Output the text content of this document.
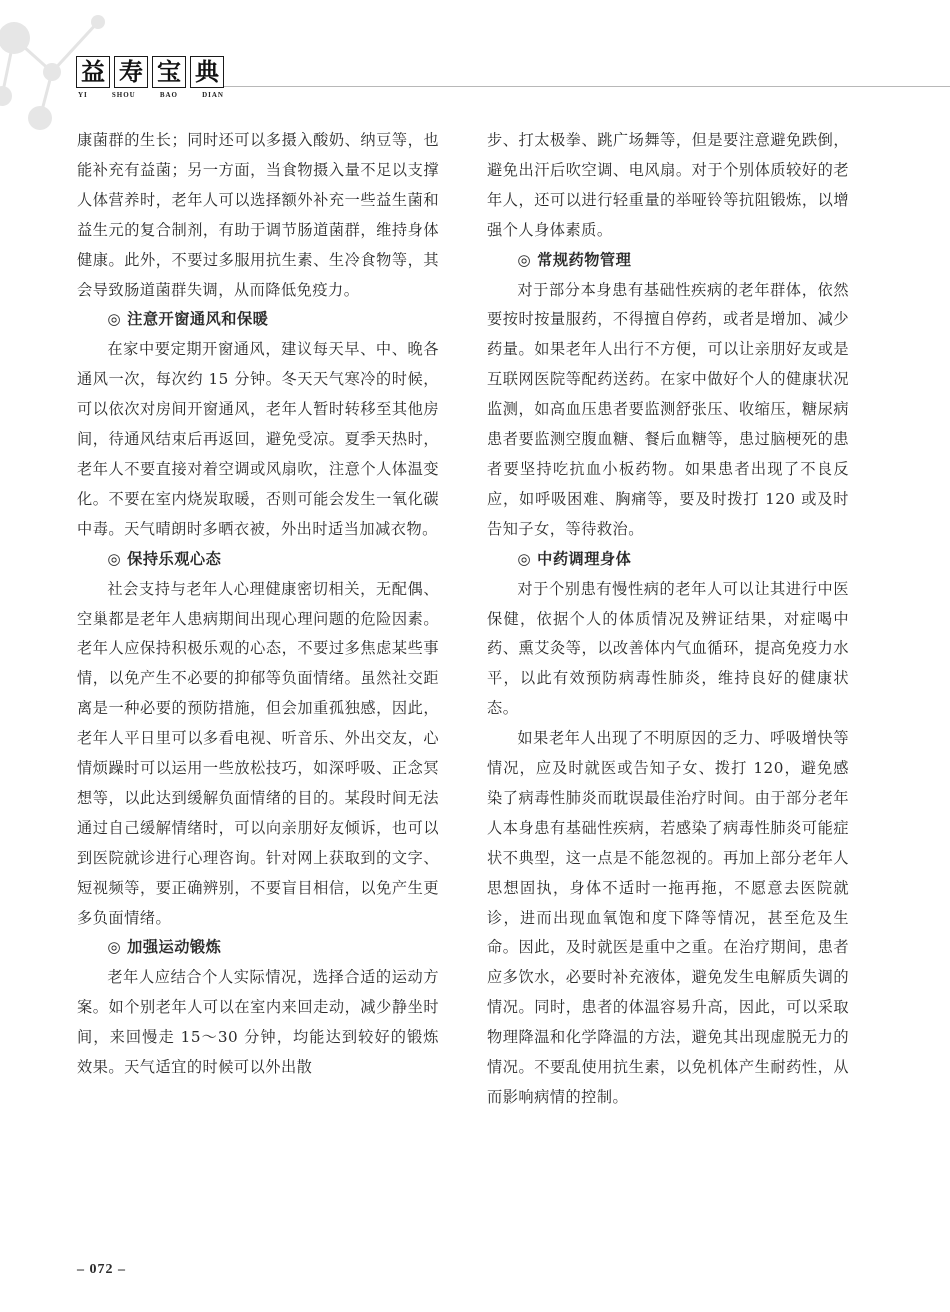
益 寿 宝 典
YI	SHOU	BAO	DIAN

康菌群的生长；同时还可以多摄入酸奶、纳豆等，也能补充有益菌；另一方面，当食物摄入量不足以支撑人体营养时，老年人可以选择额外补充一些益生菌和益生元的复合制剂，有助于调节肠道菌群，维持身体健康。此外，不要过多服用抗生素、生冷食物等，其会导致肠道菌群失调，从而降低免疫力。

◎ 注意开窗通风和保暖

在家中要定期开窗通风，建议每天早、中、晚各通风一次，每次约 15 分钟。冬天天气寒冷的时候，可以依次对房间开窗通风，老年人暂时转移至其他房间，待通风结束后再返回，避免受凉。夏季天热时，老年人不要直接对着空调或风扇吹，注意个人体温变化。不要在室内烧炭取暖，否则可能会发生一氧化碳中毒。天气晴朗时多晒衣被，外出时适当加减衣物。

◎ 保持乐观心态

社会支持与老年人心理健康密切相关，无配偶、空巢都是老年人患病期间出现心理问题的危险因素。老年人应保持积极乐观的心态，不要过多焦虑某些事情，以免产生不必要的抑郁等负面情绪。虽然社交距离是一种必要的预防措施，但会加重孤独感，因此，老年人平日里可以多看电视、听音乐、外出交友，心情烦躁时可以运用一些放松技巧，如深呼吸、正念冥想等，以此达到缓解负面情绪的目的。某段时间无法通过自己缓解情绪时，可以向亲朋好友倾诉，也可以到医院就诊进行心理咨询。针对网上获取到的文字、短视频等，要正确辨别，不要盲目相信，以免产生更多负面情绪。

◎ 加强运动锻炼

老年人应结合个人实际情况，选择合适的运动方案。如个别老年人可以在室内来回走动，减少静坐时间，来回慢走 15～30 分钟，均能达到较好的锻炼效果。天气适宜的时候可以外出散

步、打太极拳、跳广场舞等，但是要注意避免跌倒，避免出汗后吹空调、电风扇。对于个别体质较好的老年人，还可以进行轻重量的举哑铃等抗阻锻炼，以增强个人身体素质。

◎ 常规药物管理

对于部分本身患有基础性疾病的老年群体，依然要按时按量服药，不得擅自停药，或者是增加、减少药量。如果老年人出行不方便，可以让亲朋好友或是互联网医院等配药送药。在家中做好个人的健康状况监测，如高血压患者要监测舒张压、收缩压，糖尿病患者要监测空腹血糖、餐后血糖等，患过脑梗死的患者要坚持吃抗血小板药物。如果患者出现了不良反应，如呼吸困难、胸痛等，要及时拨打 120 或及时告知子女，等待救治。

◎ 中药调理身体

对于个别患有慢性病的老年人可以让其进行中医保健，依据个人的体质情况及辨证结果，对症喝中药、熏艾灸等，以改善体内气血循环，提高免疫力水平，以此有效预防病毒性肺炎，维持良好的健康状态。

如果老年人出现了不明原因的乏力、呼吸增快等情况，应及时就医或告知子女、拨打 120，避免感染了病毒性肺炎而耽误最佳治疗时间。由于部分老年人本身患有基础性疾病，若感染了病毒性肺炎可能症状不典型，这一点是不能忽视的。再加上部分老年人思想固执，身体不适时一拖再拖，不愿意去医院就诊，进而出现血氧饱和度下降等情况，甚至危及生命。因此，及时就医是重中之重。在治疗期间，患者应多饮水，必要时补充液体，避免发生电解质失调的情况。同时，患者的体温容易升高，因此，可以采取物理降温和化学降温的方法，避免其出现虚脱无力的情况。不要乱使用抗生素，以免机体产生耐药性，从而影响病情的控制。

– 072 –
